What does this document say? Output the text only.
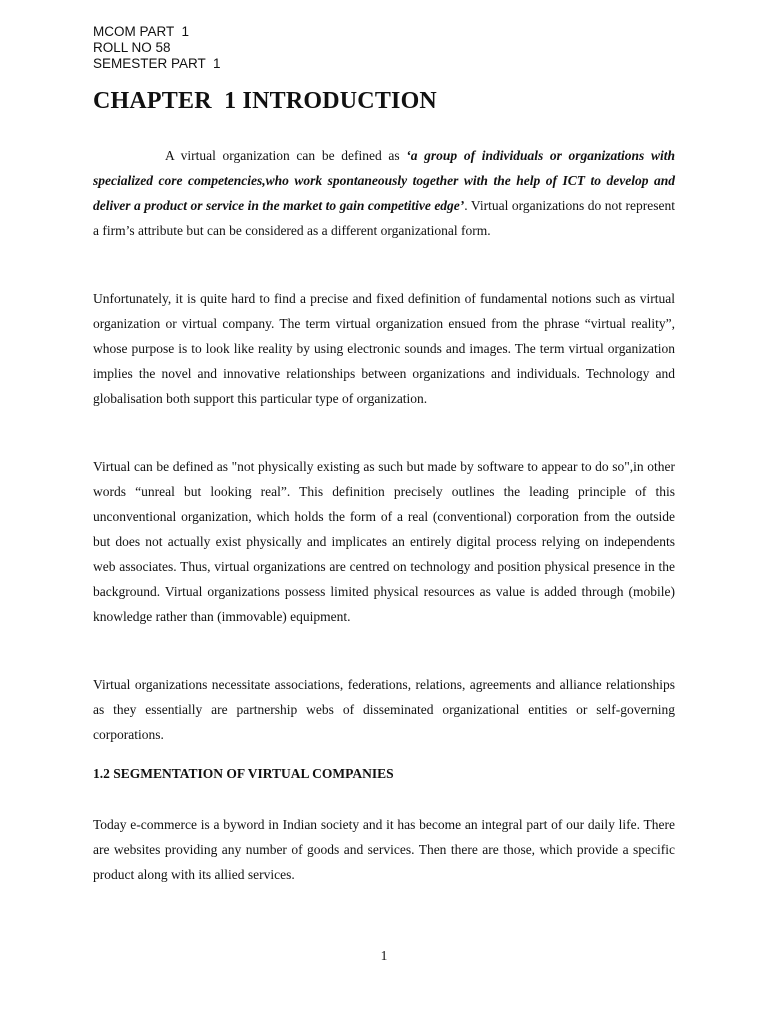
MCOM PART  1
ROLL NO 58
SEMESTER PART  1
CHAPTER  1 INTRODUCTION

A virtual organization can be defined as ‘a group of individuals or organizations with specialized core competencies,who work spontaneously together with the help of ICT to develop and deliver a product or service in the market to gain competitive edge’. Virtual organizations do not represent a firm’s attribute but can be considered as a different organizational form.

Unfortunately, it is quite hard to find a precise and fixed definition of fundamental notions such as virtual organization or virtual company. The term virtual organization ensued from the phrase “virtual reality”, whose purpose is to look like reality by using electronic sounds and images. The term virtual organization implies the novel and innovative relationships between organizations and individuals. Technology and globalisation both support this particular type of organization.

Virtual can be defined as "not physically existing as such but made by software to appear to do so",in other words “unreal but looking real”. This definition precisely outlines the leading principle of this unconventional organization, which holds the form of a real (conventional) corporation from the outside but does not actually exist physically and implicates an entirely digital process relying on independents web associates. Thus, virtual organizations are centred on technology and position physical presence in the background. Virtual organizations possess limited physical resources as value is added through (mobile) knowledge rather than (immovable) equipment.

Virtual organizations necessitate associations, federations, relations, agreements and alliance relationships as they essentially are partnership webs of disseminated organizational entities or self-governing corporations.

1.2 SEGMENTATION OF VIRTUAL COMPANIES

Today e-commerce is a byword in Indian society and it has become an integral part of our daily life. There are websites providing any number of goods and services. Then there are those, which provide a specific product along with its allied services.

1
